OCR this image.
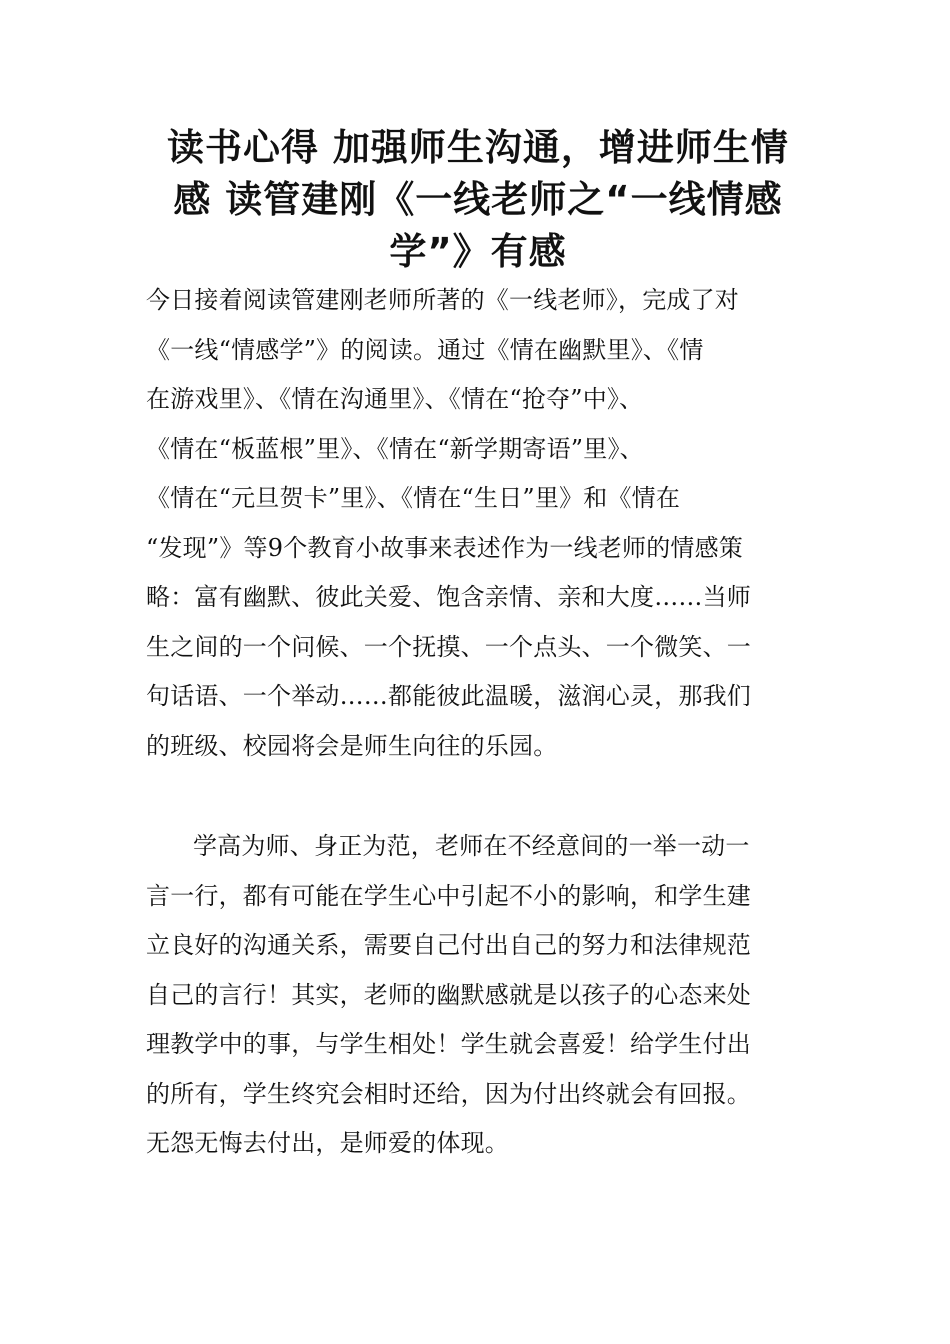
读书心得 加强师生沟通，增进师生情
感 读管建刚《一线老师之“一线情感
学”》有感
今日接着阅读管建刚老师所著的《一线老师》，完成了对
《一线“情感学”》的阅读。通过《情在幽默里》、《情
在游戏里》、《情在沟通里》、《情在“抢夺”中》、
《情在“板蓝根”里》、《情在“新学期寄语”里》、
《情在“元旦贺卡”里》、《情在“生日”里》和《情在
“发现”》等9个教育小故事来表述作为一线老师的情感策
略：富有幽默、彼此关爱、饱含亲情、亲和大度……当师
生之间的一个问候、一个抚摸、一个点头、一个微笑、一
句话语、一个举动……都能彼此温暖，滋润心灵，那我们
的班级、校园将会是师生向往的乐园。
学高为师、身正为范，老师在不经意间的一举一动一
言一行，都有可能在学生心中引起不小的影响，和学生建
立良好的沟通关系，需要自己付出自己的努力和法律规范
自己的言行！其实，老师的幽默感就是以孩子的心态来处
理教学中的事，与学生相处！学生就会喜爱！给学生付出
的所有，学生终究会相时还给，因为付出终就会有回报。
无怨无悔去付出，是师爱的体现。
